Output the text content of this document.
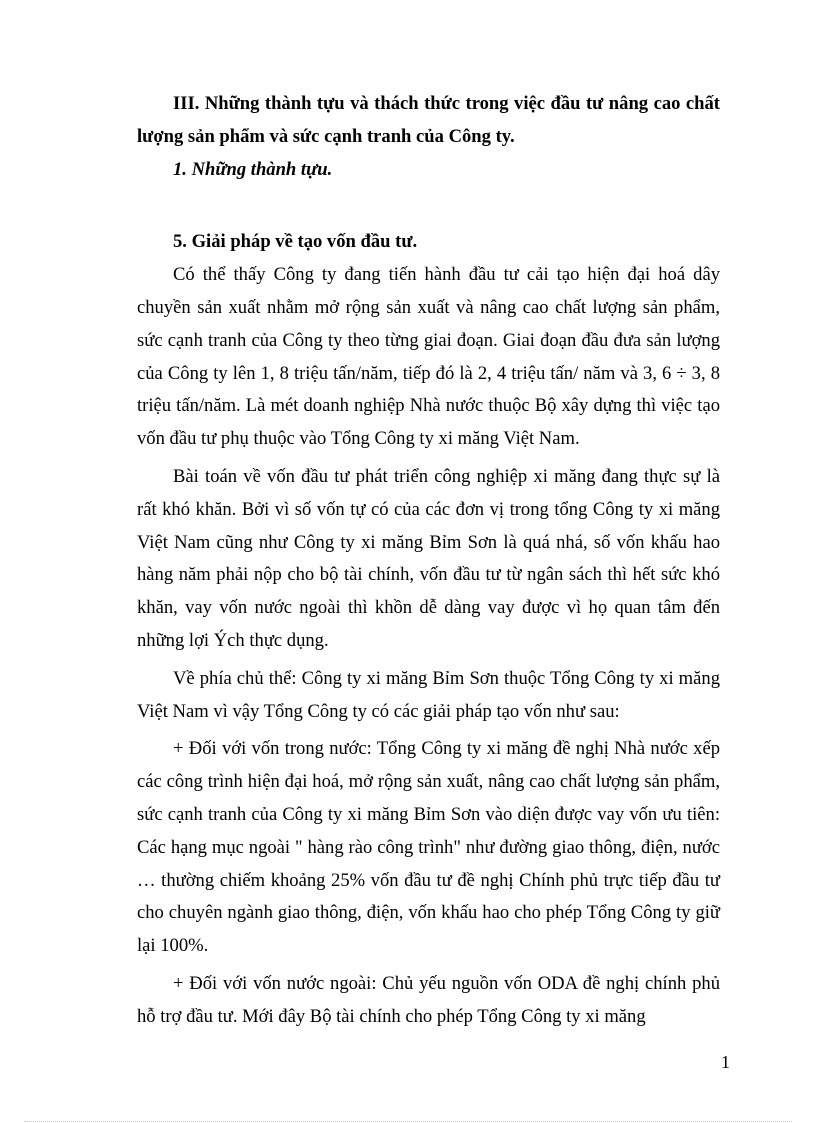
III. Những thành tựu và thách thức trong việc đầu tư nâng cao chất lượng sản phẩm và sức cạnh tranh của Công ty.

1. Những thành tựu.

5. Giải pháp về tạo vốn đầu tư.

Có thể thấy Công ty đang tiến hành đầu tư cải tạo hiện đại hoá dây chuyền sản xuất nhằm mở rộng sản xuất và nâng cao chất lượng sản phẩm, sức cạnh tranh của Công ty theo từng giai đoạn. Giai đoạn đầu đưa sản lượng của Công ty lên 1, 8 triệu tấn/năm, tiếp đó là 2, 4 triệu tấn/ năm và 3, 6 ÷ 3, 8 triệu tấn/năm. Là mét doanh nghiệp Nhà nước thuộc Bộ xây dựng thì việc tạo vốn đầu tư phụ thuộc vào Tổng Công ty xi măng Việt Nam.

Bài toán về vốn đầu tư phát triển công nghiệp xi măng đang thực sự là rất khó khăn. Bởi vì số vốn tự có của các đơn vị trong tổng Công ty xi măng Việt Nam cũng như Công ty xi măng Bỉm Sơn là quá nhá, số vốn khấu hao hàng năm phải nộp cho bộ tài chính, vốn đầu tư từ ngân sách thì hết sức khó khăn, vay vốn nước ngoài thì khồn dễ dàng vay được vì họ quan tâm đến những lợi Ých thực dụng.

Về phía chủ thể: Công ty xi măng Bỉm Sơn thuộc Tổng Công ty xi măng Việt Nam vì vậy Tổng Công ty có các giải pháp tạo vốn như sau:

+ Đối với vốn trong nước: Tổng Công ty xi măng đề nghị Nhà nước xếp các công trình hiện đại hoá, mở rộng sản xuất, nâng cao chất lượng sản phẩm, sức cạnh tranh của Công ty xi măng Bỉm Sơn vào diện được vay vốn ưu tiên: Các hạng mục ngoài " hàng rào công trình" như đường giao thông, điện, nước … thường chiếm khoảng 25% vốn đầu tư đề nghị Chính phủ trực tiếp đầu tư cho chuyên ngành giao thông, điện, vốn khấu hao cho phép Tổng Công ty giữ lại 100%.

+ Đối với vốn nước ngoài: Chủ yếu nguồn vốn ODA đề nghị chính phủ hỗ trợ đầu tư. Mới đây Bộ tài chính cho phép Tổng Công ty xi măng

1
